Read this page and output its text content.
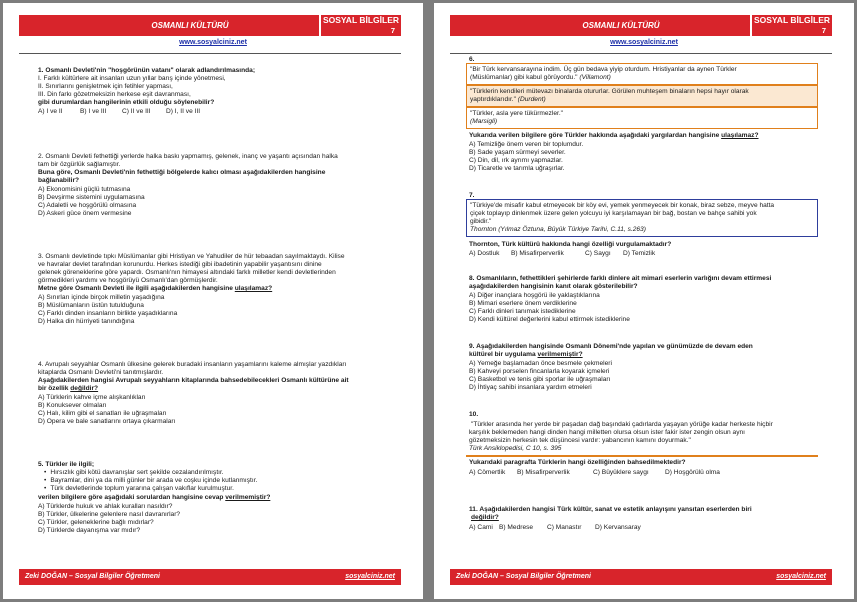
OSMANLI KÜLTÜRÜ
SOSYAL BİLGİLER
7
www.sosyalciniz.net
1. Osmanlı Devleti'nin "hoşgörünün vatanı" olarak adlandırılmasında;
I. Farklı kültürlere ait insanları uzun yıllar barış içinde yönetmesi,
II. Sınırlarını genişletmek için fetihler yapması,
III. Din farkı gözetmeksizin herkese eşit davranması,
gibi durumlardan hangilerinin etkili olduğu söylenebilir?
A) I ve II	B) I ve III C) II ve III D) I, II ve III
2. Osmanlı Devleti fethettiği yerlerde halka baskı yapmamış, gelenek, inanç ve yaşantı açısından halka
tam bir özgürlük sağlamıştır.
Buna göre, Osmanlı Devleti'nin fethettiği bölgelerde kalıcı olması aşağıdakilerden hangisine
bağlanabilir?
A) Ekonomisini güçlü tutmasına
B) Devşirme sistemini uygulamasına
C) Adaletli ve hoşgörülü olmasına
D) Askeri güce önem vermesine
3. Osmanlı devletinde tıpkı Müslümanlar gibi Hristiyan ve Yahudiler de hür tebaadan sayılmaktaydı. Kilise
ve havralar devlet tarafından korunurdu. Herkes istediği gibi ibadetinin yapabilir yaşantısını dinine
gelenek göreneklerine göre yapardı. Osmanlı'nın himayesi altındaki farklı milletler kendi devletlerinden
görmedikleri yardımı ve hoşgörüyü Osmanlı'dan görmüşlerdir.
Metne göre Osmanlı Devleti ile ilgili aşağıdakilerden hangisine ulaşılamaz?
A) Sınırları içinde birçok milletin yaşadığına
B) Müslümanların üstün tutulduğuna
C) Farklı dinden insanların birlikte yaşadıklarına
D) Halka din hürriyeti tanındığına
4. Avrupalı seyyahlar Osmanlı ülkesine gelerek buradaki insanların yaşamlarını kaleme almışlar yazdıkları
kitaplarda Osmanlı Devleti'ni tanıtmışlardır.
Aşağıdakilerden hangisi Avrupalı seyyahların kitaplarında bahsedebilecekleri Osmanlı kültürüne ait
bir özellik değildir?
A) Türklerin kahve içme alışkanlıkları
B) Konuksever olmaları
C) Halı, kilim gibi el sanatları ile uğraşmaları
D) Opera ve bale sanatlarını ortaya çıkarmaları
5. Türkler ile ilgili;
• Hırsızlık gibi kötü davranışlar sert şekilde cezalandırılmıştır.
• Bayramlar, dini ya da milli günler bir arada ve coşku içinde kutlanmıştır.
• Türk devletlerinde toplum yararına çalışan vakıflar kurulmuştur.
verilen bilgilere göre aşağıdaki sorulardan hangisine cevap verilmemiştir?
A) Türklerde hukuk ve ahlak kuralları nasıldır?
B) Türkler, ülkelerine gelenlere nasıl davranırlar?
C) Türkler, geleneklerine bağlı mıdırlar?
D) Türklerde dayanışma var mıdır?
Zeki DOĞAN – Sosyal Bilgiler Öğretmeni	sosyalciniz.net
OSMANLI KÜLTÜRÜ
SOSYAL BİLGİLER
7
www.sosyalciniz.net
6.
"Bir Türk kervansarayına indim. Üç gün bedava yiyip oturdum. Hristiyanlar da aynen Türkler
(Müslümanlar) gibi kabul görüyordu." (Villamont)
"Türklerin kendileri mütevazı binalarda otururlar. Görülen muhteşem binaların hepsi hayır olarak
yaptırdıklarıdır." (Durdent)
"Türkler, asla yere tükürmezler."
(Marsigli)
Yukarıda verilen bilgilere göre Türkler hakkında aşağıdaki yargılardan hangisine ulaşılamaz?
A) Temizliğe önem veren bir toplumdur.
B) Sade yaşam sürmeyi severler.
C) Din, dil, ırk ayrımı yapmazlar.
D) Ticaretle ve tarımla uğraşırlar.
7.
"Türkiye'de misafir kabul etmeyecek bir köy evi, yemek yenmeyecek bir konak, biraz sebze, meyve hatta
çiçek toplayıp dinlenmek üzere gelen yolcuyu iyi karşılamayan bir bağ, bostan ve bahçe sahibi yok
gibidir."
Thornton (Yılmaz Öztuna, Büyük Türkiye Tarihi, C.11, s.263)
Thornton, Türk kültürü hakkında hangi özelliği vurgulamaktadır?
A) Dostluk B) Misafirperverlik	C) Saygı D) Temizlik
8. Osmanlıların, fethettikleri şehirlerde farklı dinlere ait mimari eserlerin varlığını devam ettirmesi
aşağıdakilerden hangisinin kanıt olarak gösterilebilir?
A) Diğer inançlara hoşgörü ile yaklaştıklarına
B) Mimari eserlere önem verdiklerine
C) Farklı dinleri tanımak istediklerine
D) Kendi kültürel değerlerini kabul ettirmek istediklerine
9. Aşağıdakilerden hangisinde Osmanlı Dönemi'nde yapılan ve günümüzde de devam eden
kültürel bir uygulama verilmemiştir?
A) Yemeğe başlamadan önce besmele çekmeleri
B) Kahveyi porselen fincanlarla koyarak içmeleri
C) Basketbol ve tenis gibi sporlar ile uğraşmaları
D) İhtiyaç sahibi insanlara yardım etmeleri
10.
"Türkler arasında her yerde bir paşadan dağ başındaki çadırlarda yaşayan yörüğe kadar herkeste hiçbir
karşılık beklemeden hangi dinden hangi milletten olursa olsun ister fakir ister zengin olsun aynı
gözetmeksizin herkesin tek düşüncesi vardır: yabancının kamını doyurmak."
Türk Ansiklopedisi, C 10, s. 395
Yukarıdaki paragrafta Türklerin hangi özelliğinden bahsedilmektedir?
A) Cömertlik B) Misafirperverlik	C) Büyüklere saygı D) Hoşgörülü olma
11. Aşağıdakilerden hangisi Türk kültür, sanat ve estetik anlayışını yansıtan eserlerden biri
değildir?
A) Cami B) Medrese C) Manastır D) Kervansaray
Zeki DOĞAN – Sosyal Bilgiler Öğretmeni	sosyalciniz.net
